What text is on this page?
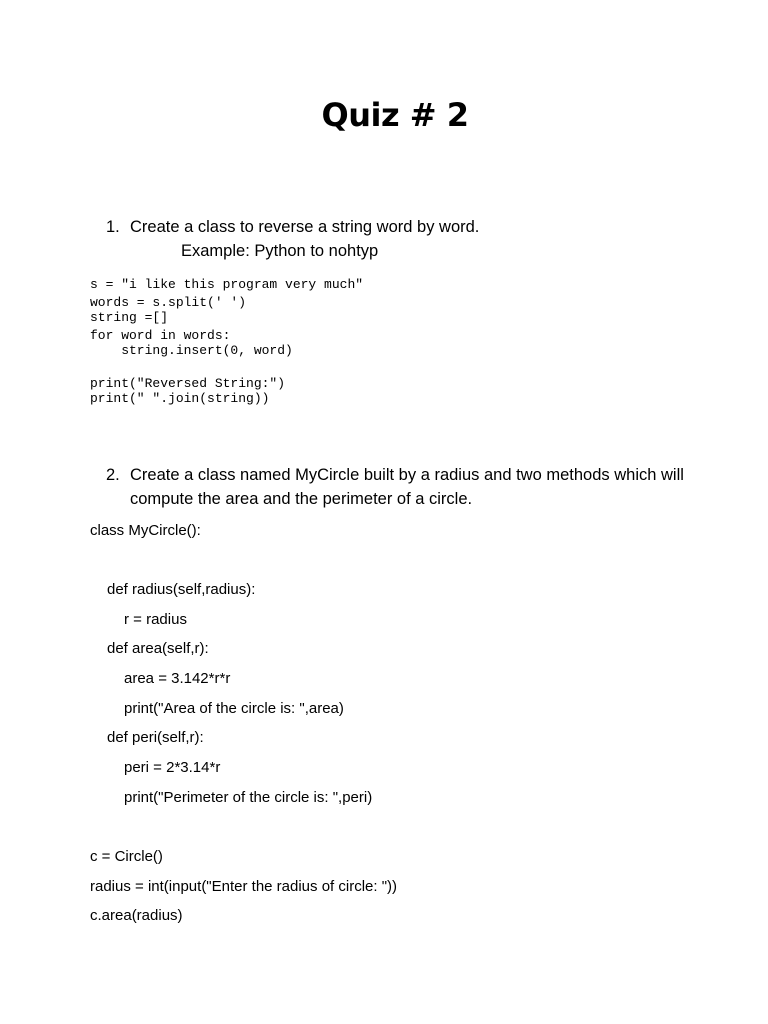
Quiz # 2
1. Create a class to reverse a string word by word.
Example: Python to nohtyp
s = "i like this program very much"
words = s.split(' ')
string =[]
for word in words:
string.insert(0, word)
print("Reversed String:")
print(" ".join(string))
2. Create a class named MyCircle built by a radius and two methods which will compute the area and the perimeter of a circle.
class MyCircle():
def radius(self,radius):
r = radius
def area(self,r):
area = 3.142*r*r
print("Area of the circle is: ",area)
def peri(self,r):
peri = 2*3.14*r
print("Perimeter of the circle is: ",peri)
c = Circle()
radius = int(input("Enter the radius of circle: "))
c.area(radius)
